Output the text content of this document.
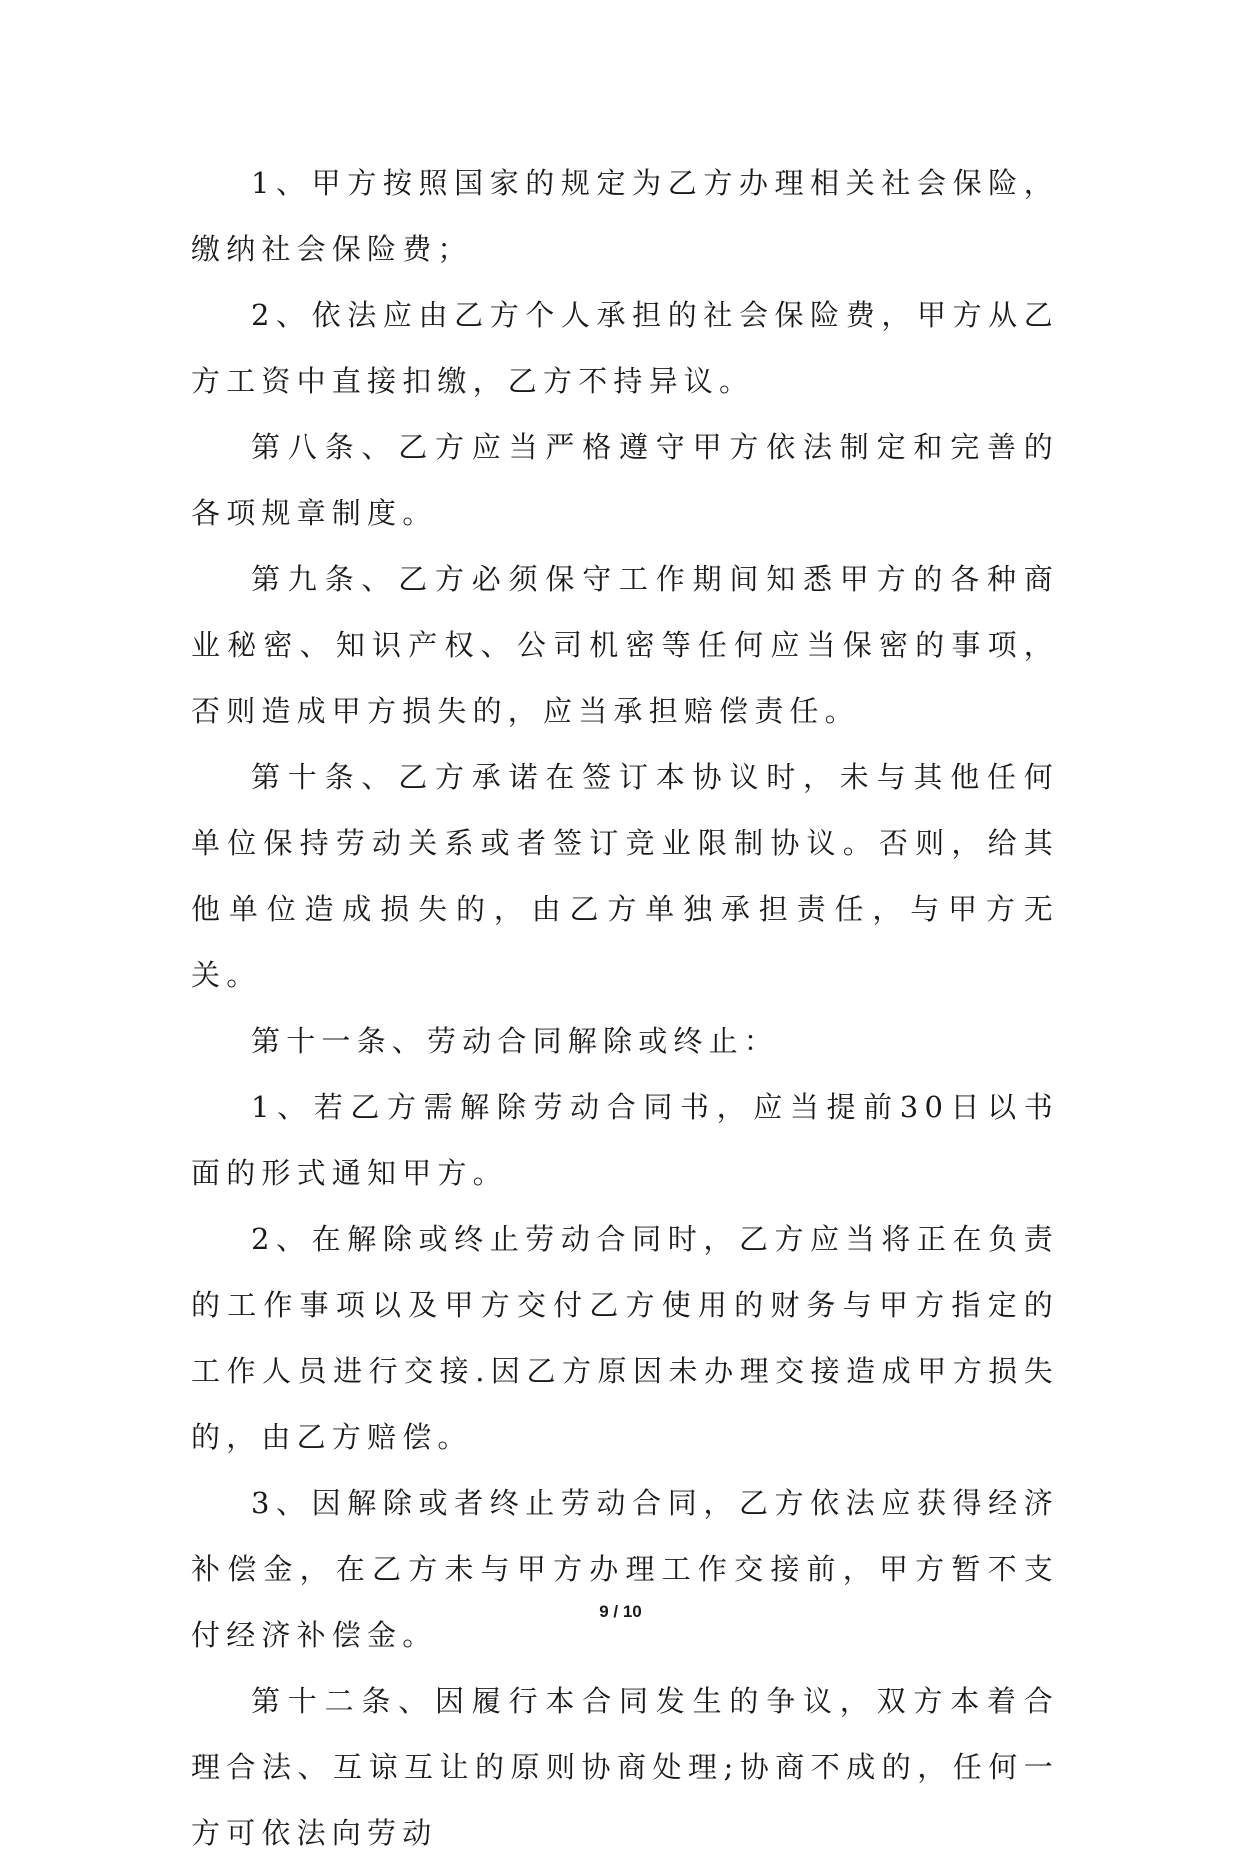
1、甲方按照国家的规定为乙方办理相关社会保险，缴纳社会保险费；

2、依法应由乙方个人承担的社会保险费，甲方从乙方工资中直接扣缴，乙方不持异议。

第八条、乙方应当严格遵守甲方依法制定和完善的各项规章制度。

第九条、乙方必须保守工作期间知悉甲方的各种商业秘密、知识产权、公司机密等任何应当保密的事项，否则造成甲方损失的，应当承担赔偿责任。

第十条、乙方承诺在签订本协议时，未与其他任何单位保持劳动关系或者签订竞业限制协议。否则，给其他单位造成损失的，由乙方单独承担责任，与甲方无关。

第十一条、劳动合同解除或终止：

1、若乙方需解除劳动合同书，应当提前30日以书面的形式通知甲方。

2、在解除或终止劳动合同时，乙方应当将正在负责的工作事项以及甲方交付乙方使用的财务与甲方指定的工作人员进行交接.因乙方原因未办理交接造成甲方损失的，由乙方赔偿。

3、因解除或者终止劳动合同，乙方依法应获得经济补偿金，在乙方未与甲方办理工作交接前，甲方暂不支付经济补偿金。

第十二条、因履行本合同发生的争议，双方本着合理合法、互谅互让的原则协商处理;协商不成的，任何一方可依法向劳动

9 / 10
